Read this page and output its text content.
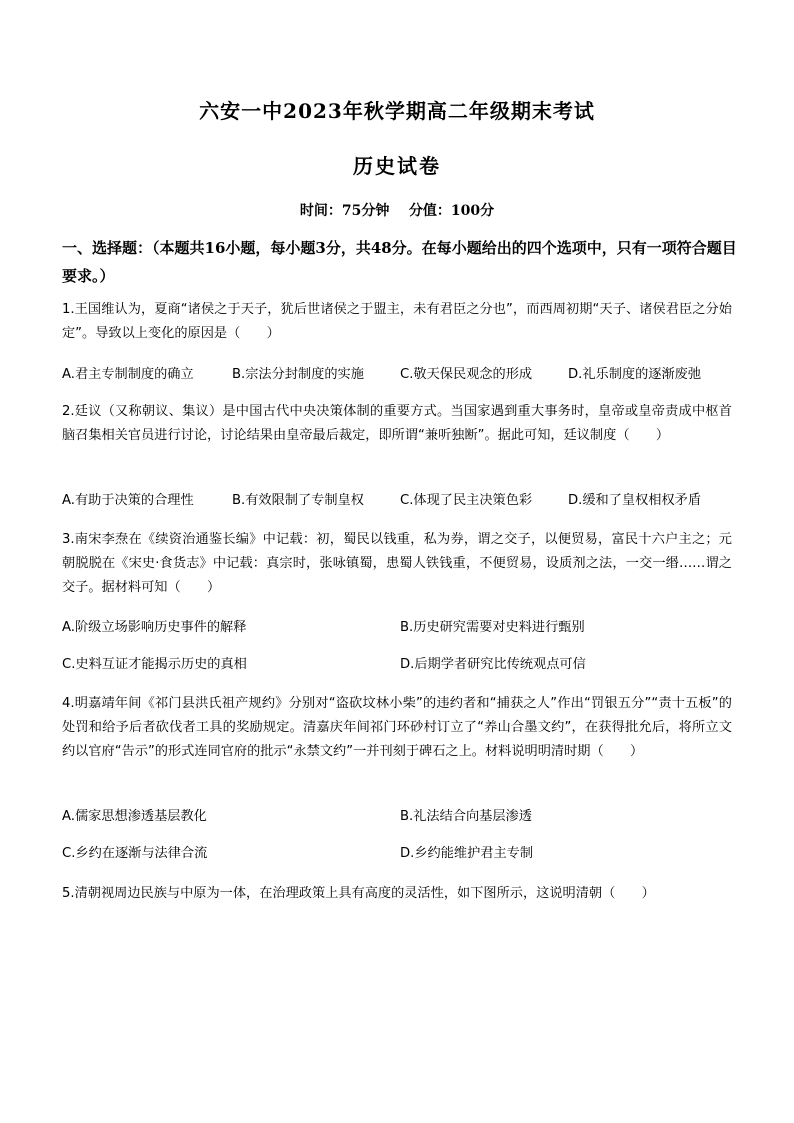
六安一中2023年秋学期高二年级期末考试
历史试卷
时间：75分钟    分值：100分
一、选择题：（本题共16小题，每小题3分，共48分。在每小题给出的四个选项中，只有一项符合题目要求。）
1.王国维认为，夏商“诸侯之于天子，犹后世诸侯之于盟主，未有君臣之分也”，而西周初期“天子、诸侯君臣之分始定”。导致以上变化的原因是（　　）
A.君主专制制度的确立	B.宗法分封制度的实施	C.敬天保民观念的形成	D.礼乐制度的逐渐废弛
2.廷议（又称朝议、集议）是中国古代中央决策体制的重要方式。当国家遇到重大事务时，皇帝或皇帝责成中枢首脑召集相关官员进行讨论，讨论结果由皇帝最后裁定，即所谓“兼听独断”。据此可知，廷议制度（　　）
A.有助于决策的合理性	B.有效限制了专制皇权	C.体现了民主决策色彩	D.缓和了皇权相权矛盾
3.南宋李焘在《续资治通鉴长编》中记载：初，蜀民以钱重，私为券，谓之交子，以便贸易，富民十六户主之；元朝脱脱在《宋史·食货志》中记载：真宗时，张咏镇蜀，患蜀人铁钱重，不便贸易，设质剂之法，一交一缗……谓之交子。据材料可知（　　）
A.阶级立场影响历史事件的解释	B.历史研究需要对史料进行甄别
C.史料互证才能揭示历史的真相	D.后期学者研究比传统观点可信
4.明嘉靖年间《祁门县洪氏祖产规约》分别对“盗砍坟林小柴”的违约者和“捕获之人”作出“罚银五分”“责十五板”的处罚和给予后者砍伐者工具的奖励规定。清嘉庆年间祁门环砂村订立了“养山合墨文约”，在获得批允后，将所立文约以官府“告示”的形式连同官府的批示“永禁文约”一并刊刻于碑石之上。材料说明明清时期（　　）
A.儒家思想渗透基层教化	B.礼法结合向基层渗透
C.乡约在逐渐与法律合流	D.乡约能维护君主专制
5.清朝视周边民族与中原为一体，在治理政策上具有高度的灵活性，如下图所示，这说明清朝（　　）
